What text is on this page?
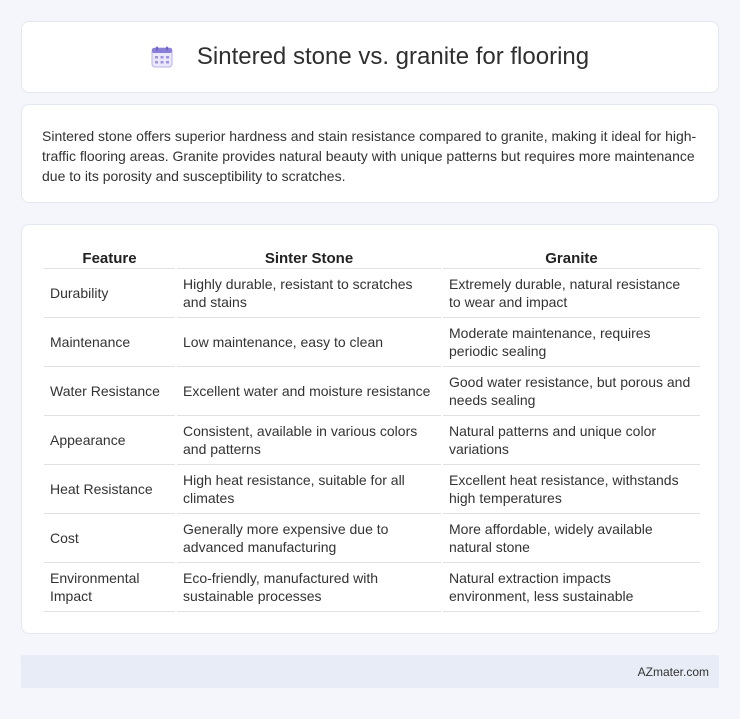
Sintered stone vs. granite for flooring

Sintered stone offers superior hardness and stain resistance compared to granite, making it ideal for high-traffic flooring areas. Granite provides natural beauty with unique patterns but requires more maintenance due to its porosity and susceptibility to scratches.

Feature	Sinter Stone	Granite
Durability	Highly durable, resistant to scratches and stains	Extremely durable, natural resistance to wear and impact
Maintenance	Low maintenance, easy to clean	Moderate maintenance, requires periodic sealing
Water Resistance	Excellent water and moisture resistance	Good water resistance, but porous and needs sealing
Appearance	Consistent, available in various colors and patterns	Natural patterns and unique color variations
Heat Resistance	High heat resistance, suitable for all climates	Excellent heat resistance, withstands high temperatures
Cost	Generally more expensive due to advanced manufacturing	More affordable, widely available natural stone
Environmental Impact	Eco-friendly, manufactured with sustainable processes	Natural extraction impacts environment, less sustainable
AZmater.com
